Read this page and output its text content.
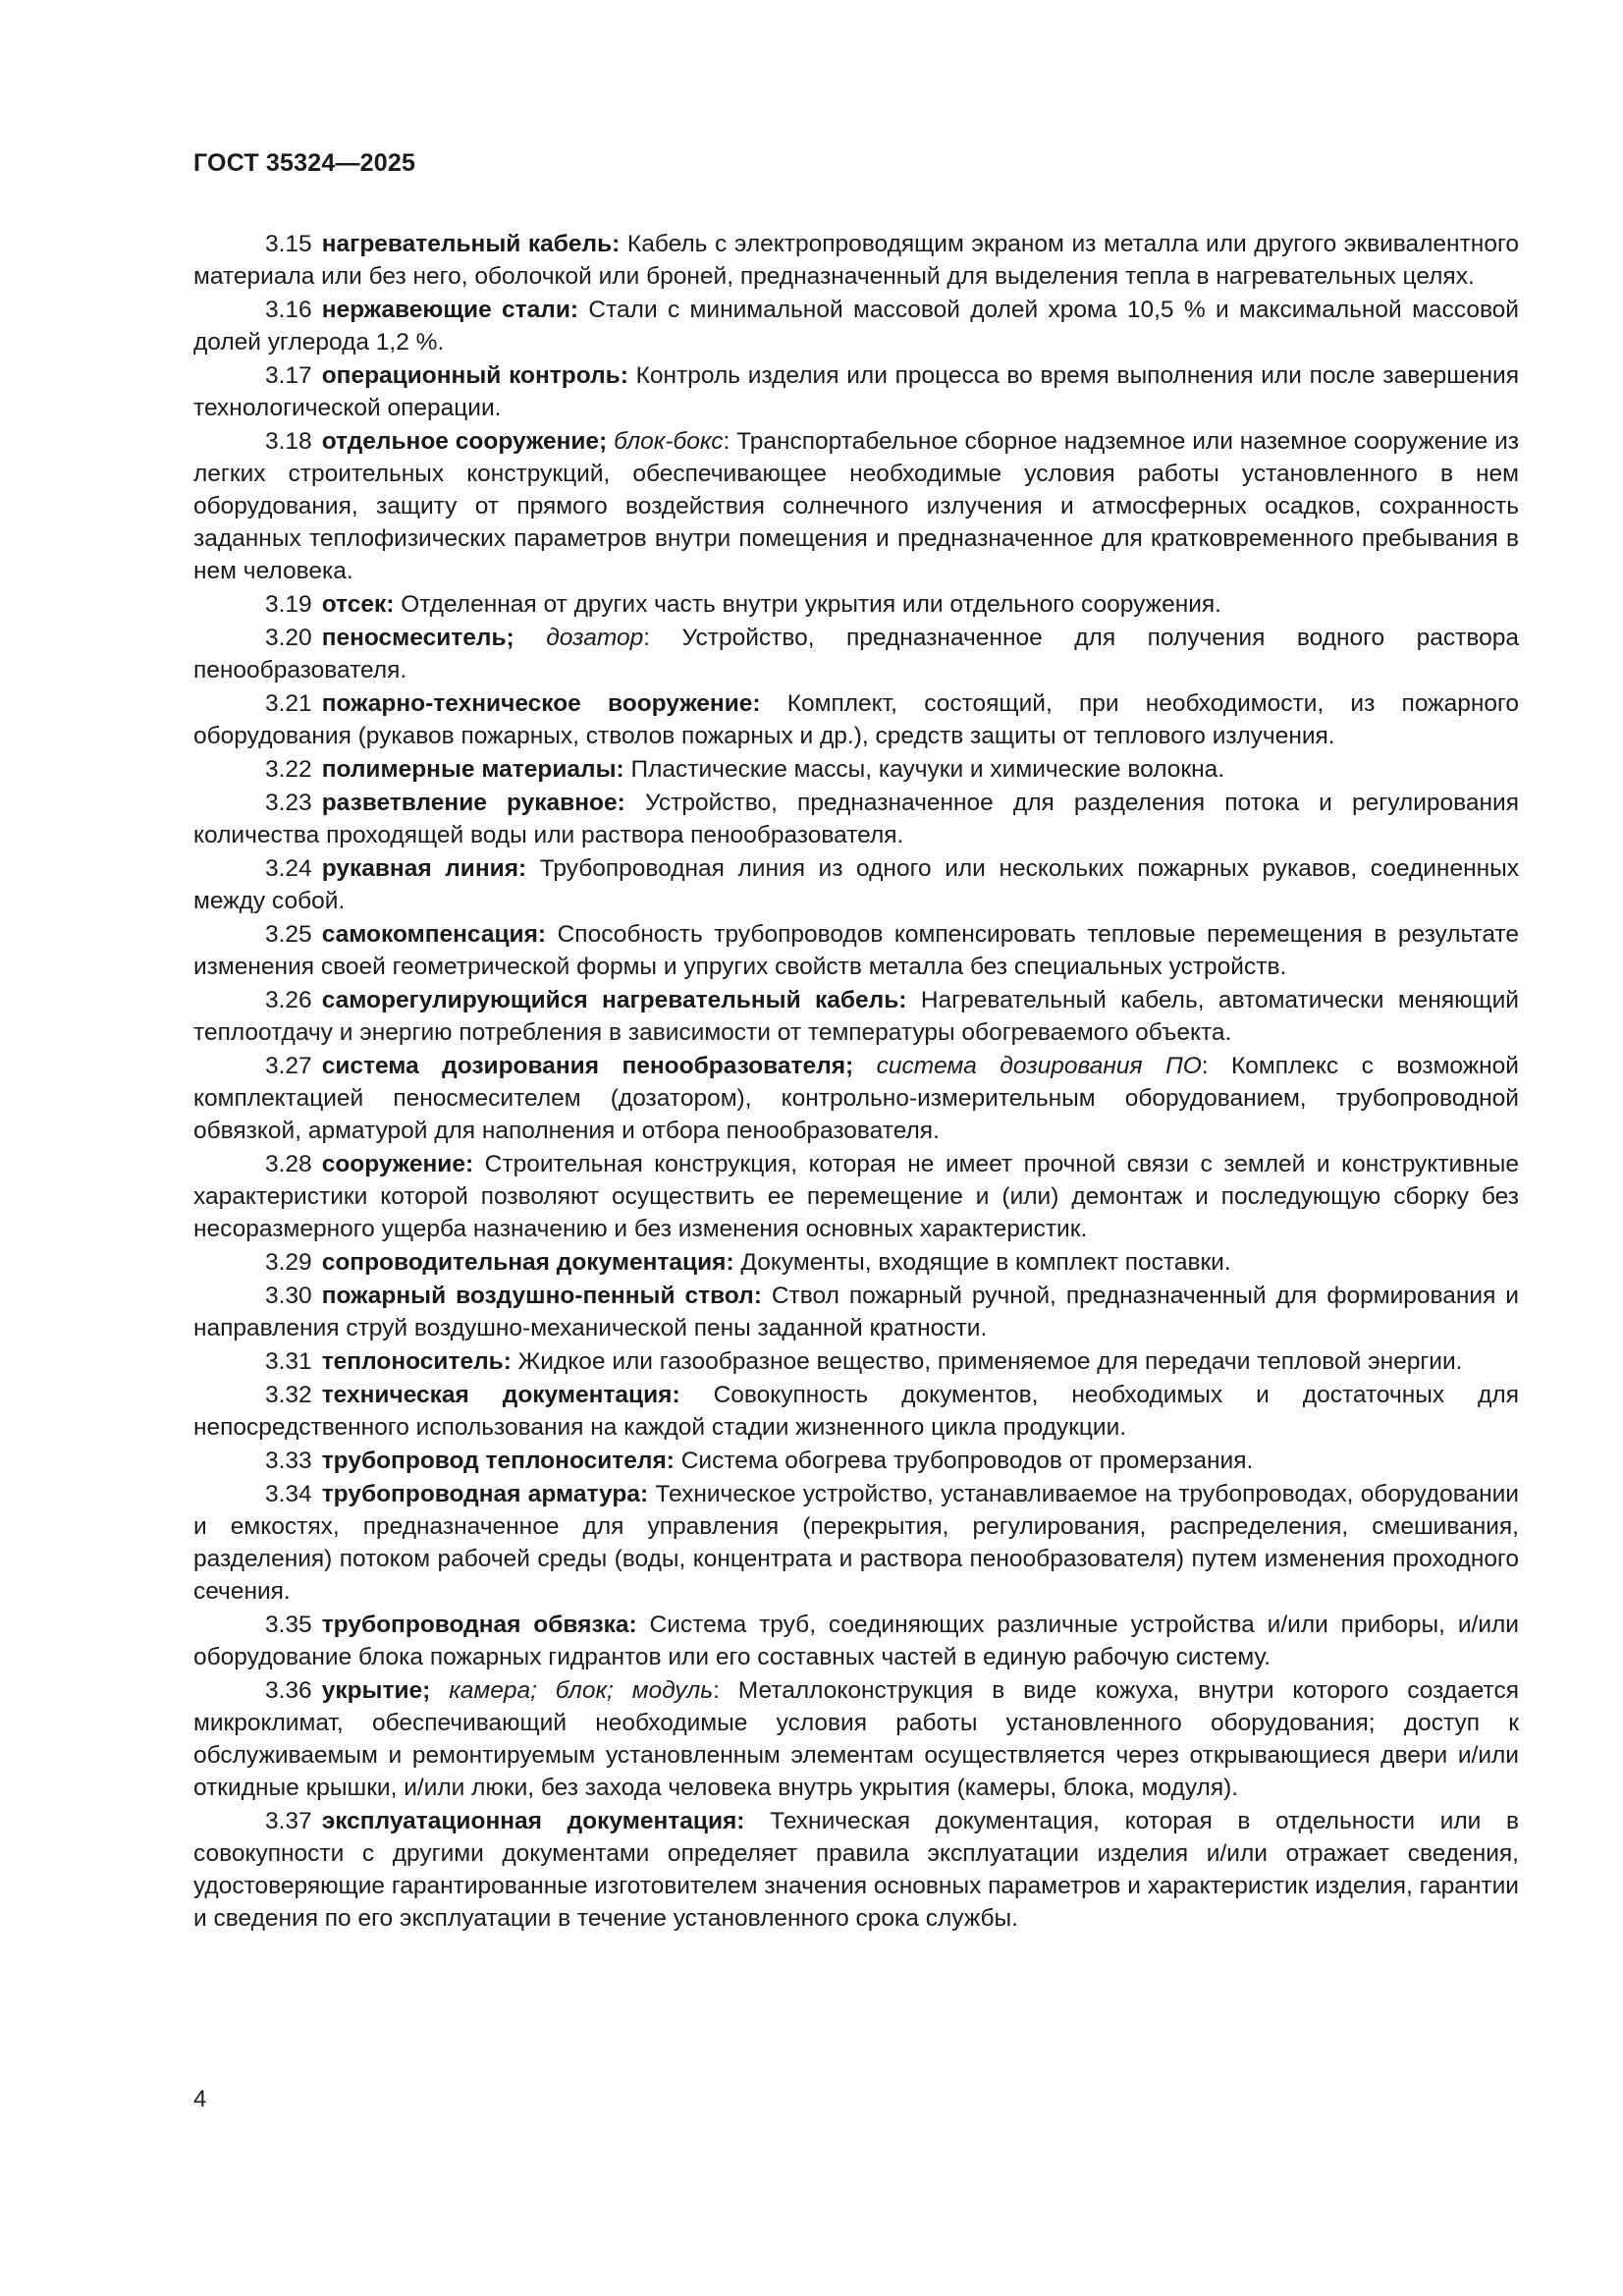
ГОСТ 35324—2025

3.15 нагревательный кабель: Кабель с электропроводящим экраном из металла или другого эквивалентного материала или без него, оболочкой или броней, предназначенный для выделения тепла в нагревательных целях.

3.16 нержавеющие стали: Стали с минимальной массовой долей хрома 10,5 % и максимальной массовой долей углерода 1,2 %.

3.17 операционный контроль: Контроль изделия или процесса во время выполнения или после завершения технологической операции.

3.18 отдельное сооружение; блок-бокс: Транспортабельное сборное надземное или наземное сооружение из легких строительных конструкций, обеспечивающее необходимые условия работы установленного в нем оборудования, защиту от прямого воздействия солнечного излучения и атмосферных осадков, сохранность заданных теплофизических параметров внутри помещения и предназначенное для кратковременного пребывания в нем человека.

3.19 отсек: Отделенная от других часть внутри укрытия или отдельного сооружения.

3.20 пеносмеситель; дозатор: Устройство, предназначенное для получения водного раствора пенообразователя.

3.21 пожарно-техническое вооружение: Комплект, состоящий, при необходимости, из пожарного оборудования (рукавов пожарных, стволов пожарных и др.), средств защиты от теплового излучения.

3.22 полимерные материалы: Пластические массы, каучуки и химические волокна.

3.23 разветвление рукавное: Устройство, предназначенное для разделения потока и регулирования количества проходящей воды или раствора пенообразователя.

3.24 рукавная линия: Трубопроводная линия из одного или нескольких пожарных рукавов, соединенных между собой.

3.25 самокомпенсация: Способность трубопроводов компенсировать тепловые перемещения в результате изменения своей геометрической формы и упругих свойств металла без специальных устройств.

3.26 саморегулирующийся нагревательный кабель: Нагревательный кабель, автоматически меняющий теплоотдачу и энергию потребления в зависимости от температуры обогреваемого объекта.

3.27 система дозирования пенообразователя; система дозирования ПО: Комплекс с возможной комплектацией пеносмесителем (дозатором), контрольно-измерительным оборудованием, трубопроводной обвязкой, арматурой для наполнения и отбора пенообразователя.

3.28 сооружение: Строительная конструкция, которая не имеет прочной связи с землей и конструктивные характеристики которой позволяют осуществить ее перемещение и (или) демонтаж и последующую сборку без несоразмерного ущерба назначению и без изменения основных характеристик.

3.29 сопроводительная документация: Документы, входящие в комплект поставки.

3.30 пожарный воздушно-пенный ствол: Ствол пожарный ручной, предназначенный для формирования и направления струй воздушно-механической пены заданной кратности.

3.31 теплоноситель: Жидкое или газообразное вещество, применяемое для передачи тепловой энергии.

3.32 техническая документация: Совокупность документов, необходимых и достаточных для непосредственного использования на каждой стадии жизненного цикла продукции.

3.33 трубопровод теплоносителя: Система обогрева трубопроводов от промерзания.

3.34 трубопроводная арматура: Техническое устройство, устанавливаемое на трубопроводах, оборудовании и емкостях, предназначенное для управления (перекрытия, регулирования, распределения, смешивания, разделения) потоком рабочей среды (воды, концентрата и раствора пенообразователя) путем изменения проходного сечения.

3.35 трубопроводная обвязка: Система труб, соединяющих различные устройства и/или приборы, и/или оборудование блока пожарных гидрантов или его составных частей в единую рабочую систему.

3.36 укрытие; камера; блок; модуль: Металлоконструкция в виде кожуха, внутри которого создается микроклимат, обеспечивающий необходимые условия работы установленного оборудования; доступ к обслуживаемым и ремонтируемым установленным элементам осуществляется через открывающиеся двери и/или откидные крышки, и/или люки, без захода человека внутрь укрытия (камеры, блока, модуля).

3.37 эксплуатационная документация: Техническая документация, которая в отдельности или в совокупности с другими документами определяет правила эксплуатации изделия и/или отражает сведения, удостоверяющие гарантированные изготовителем значения основных параметров и характеристик изделия, гарантии и сведения по его эксплуатации в течение установленного срока службы.

4
